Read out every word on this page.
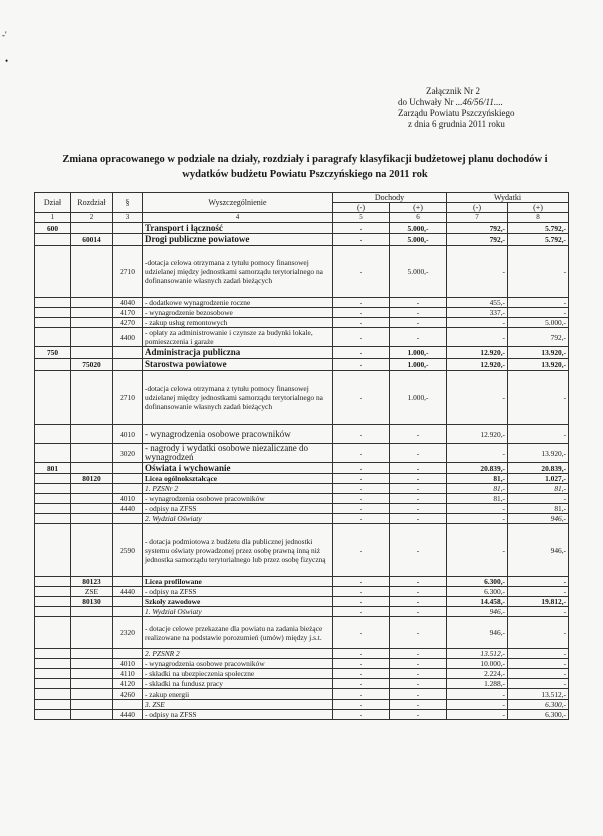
-'
•
Załącznik Nr 2
do Uchwały Nr ...46/56/11....
Zarządu Powiatu Pszczyńskiego
z dnia 6 grudnia 2011 roku
Zmiana opracowanego w podziale na działy, rozdziały i paragrafy klasyfikacji budżetowej planu dochodów i wydatków budżetu Powiatu Pszczyńskiego na 2011 rok
Dział	Rozdział	§	Wyszczególnienie	Dochody		Wydatki	
				(-)	(+)	(-)	(+)
1	2	3	4	5	6	7	8
600			Transport i łączność	-	5.000,-	792,-	5.792,-
	60014		Drogi publiczne powiatowe	-	5.000,-	792,-	5.792,-
		2710	-dotacja celowa otrzymana z tytułu pomocy finansowej udzielanej między jednostkami samorządu terytorialnego na dofinansowanie własnych zadań bieżących	-	5.000,-	-	-
		4040	- dodatkowe wynagrodzenie roczne	-	-	455,-	-
		4170	- wynagrodzenie bezosobowe	-	-	337,-	-
		4270	- zakup usług remontowych	-	-	-	5.000,-
		4400	- opłaty za administrowanie i czynsze za budynki lokale, pomieszczenia i garaże	-	-	-	792,-
750			Administracja publiczna	-	1.000,-	12.920,-	13.920,-
	75020		Starostwa powiatowe	-	1.000,-	12.920,-	13.920,-
		2710	-dotacja celowa otrzymana z tytułu pomocy finansowej udzielanej między jednostkami samorządu terytorialnego na dofinansowanie własnych zadań bieżących	-	1.000,-	-	-
		4010	- wynagrodzenia osobowe pracowników	-	-	12.920,-	-
		3020	- nagrody i wydatki osobowe niezaliczane do wynagrodzeń	-	-	-	13.920,-
801			Oświata i wychowanie	-	-	20.839,-	20.839,-
	80120		Licea ogólnokształcące	-	-	81,-	1.027,-
			1. PZSNr 2	-	-	81,-	81,-
		4010	- wynagrodzenia osobowe pracowników	-	-	81,-	-
		4440	- odpisy na ZFSS	-	-	-	81,-
			2. Wydział Oświaty	-	-	-	946,-
		2590	- dotacja podmiotowa z budżetu dla publicznej jednostki systemu oświaty prowadzonej przez osobę prawną inną niż jednostka samorządu terytorialnego lub przez osobę fizyczną	-	-	-	946,-
	80123		Licea profilowane	-	-	6.300,-	-
	ZSE	4440	- odpisy na ZFSS	-	-	6.300,-	-
	80130		Szkoły zawodowe	-	-	14.458,-	19.812,-
			1. Wydział Oświaty	-	-	946,-	-
		2320	- dotacje celowe przekazane dla powiatu na zadania bieżące realizowane na podstawie porozumień (umów) między j.s.t.	-	-	946,-	-
			2. PZSNR 2	-	-	13.512,-	-
		4010	- wynagrodzenia osobowe pracowników	-	-	10.000,-	-
		4110	- składki na ubezpieczenia społeczne	-	-	2.224,-	-
		4120	- składki na fundusz pracy	-	-	1.288,-	-
		4260	- zakup energii	-	-	-	13.512,-
			3. ZSE	-	-	-	6.300,-
		4440	- odpisy na ZFSS	-	-	-	6.300,-
